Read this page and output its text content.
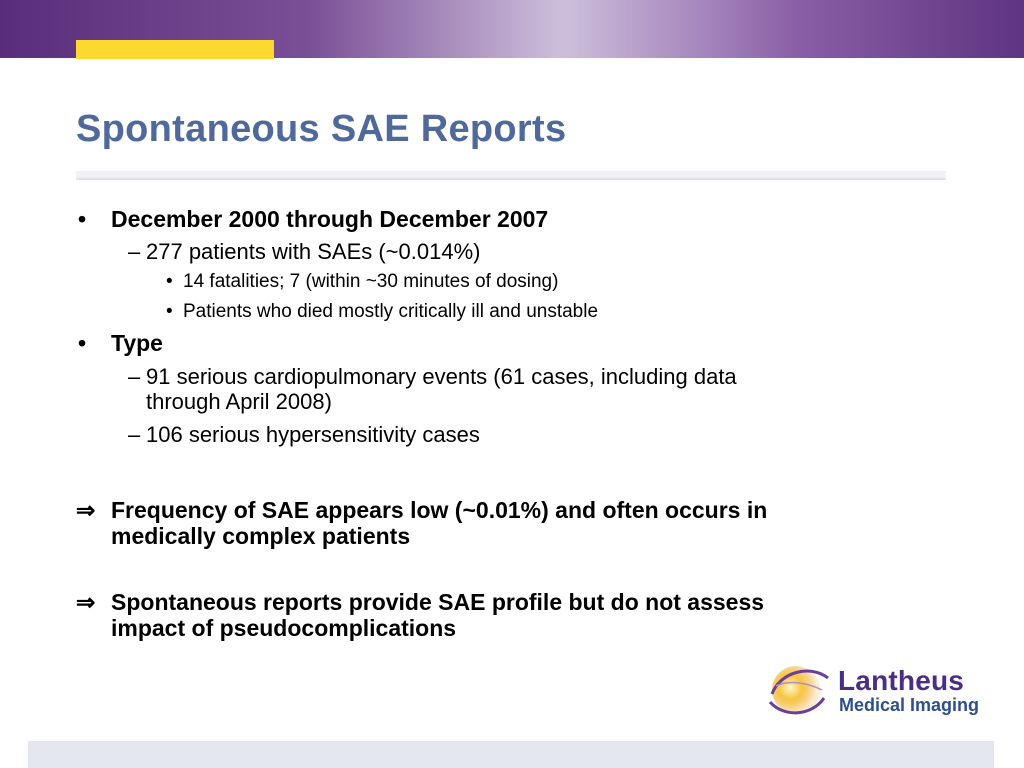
Spontaneous SAE Reports
• December 2000 through December 2007
– 277 patients with SAEs (~0.014%)
• 14 fatalities; 7 (within ~30 minutes of dosing)
• Patients who died mostly critically ill and unstable
• Type
– 91 serious cardiopulmonary events (61 cases, including data
through April 2008)
– 106 serious hypersensitivity cases
⇒ Frequency of SAE appears low (~0.01%) and often occurs in
medically complex patients
⇒ Spontaneous reports provide SAE profile but do not assess
impact of pseudocomplications
Lantheus
Medical Imaging
